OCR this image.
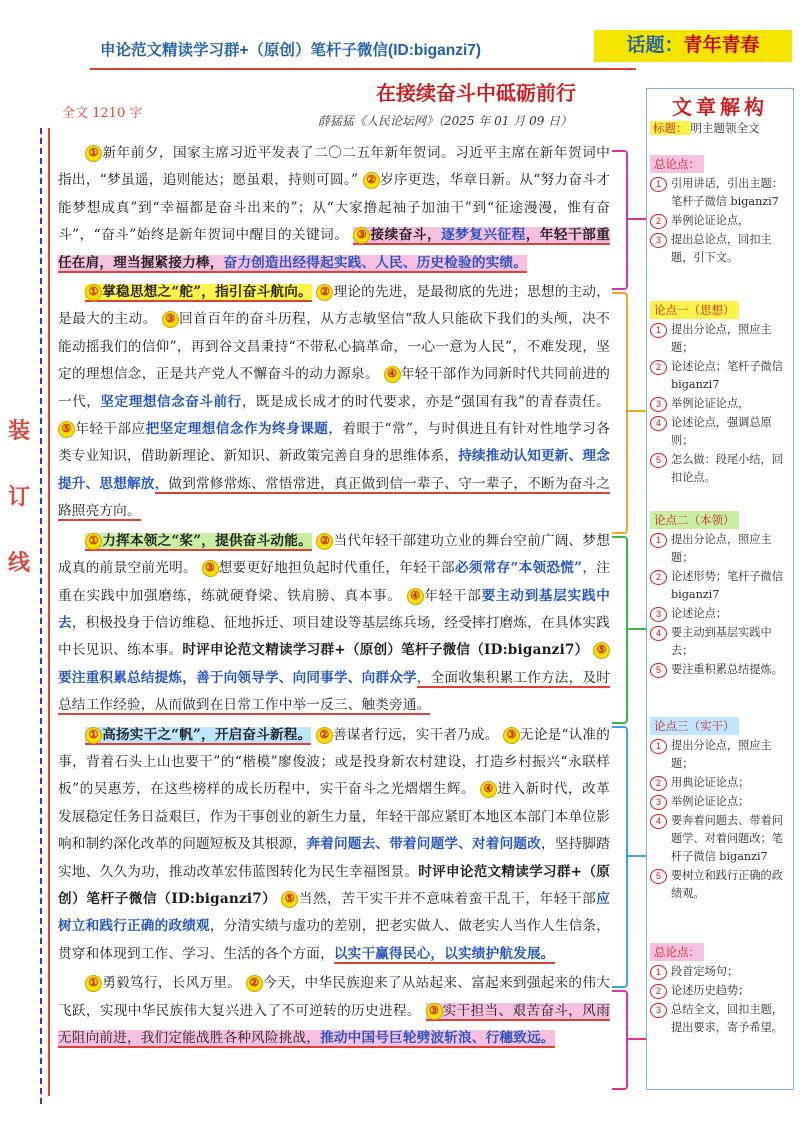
申论范文精读学习群+（原创）笔杆子微信(ID:biganzi7)	话题：青年青春
在接续奋斗中砥砺前行
全文 1210 字	薛猛猛《人民论坛网》（2025 年 01 月 09 日）
装
订
线

① 新年前夕，国家主席习近平发表了二〇二五年新年贺词。习近平主席在新年贺词中指出，“梦虽遥，追则能达；愿虽艰，持则可圆。” ② 岁序更迭，华章日新。从“努力奋斗才能梦想成真”到“幸福都是奋斗出来的”；从“大家撸起袖子加油干”到“征途漫漫，惟有奋斗”，“奋斗”始终是新年贺词中醒目的关键词。 ③ 接续奋斗，逐梦复兴征程，年轻干部重任在肩，理当握紧接力棒，奋力创造出经得起实践、人民、历史检验的实绩。

① 掌稳思想之“舵”，指引奋斗航向。 ② 理论的先进，是最彻底的先进；思想的主动，是最大的主动。 ③ 回首百年的奋斗历程，从方志敏坚信“敌人只能砍下我们的头颅，决不能动摇我们的信仰”，再到谷文昌秉持“不带私心搞革命，一心一意为人民”，不难发现，坚定的理想信念，正是共产党人不懈奋斗的动力源泉。 ④ 年轻干部作为同新时代共同前进的一代，坚定理想信念奋斗前行，既是成长成才的时代要求，亦是“强国有我”的青春责任。 ⑤ 年轻干部应把坚定理想信念作为终身课题，着眼于“常”，与时俱进且有针对性地学习各类专业知识，借助新理论、新知识、新政策完善自身的思维体系，持续推动认知更新、理念提升、思想解放，做到常修常炼、常悟常进，真正做到信一辈子、守一辈子，不断为奋斗之路照亮方向。

① 力挥本领之“桨”，提供奋斗动能。 ② 当代年轻干部建功立业的舞台空前广阔、梦想成真的前景空前光明。 ③ 想要更好地担负起时代重任，年轻干部必须常存“本领恐慌”，注重在实践中加强磨练，练就硬脊梁、铁肩膀、真本事。 ④ 年轻干部要主动到基层实践中去，积极投身于信访维稳、征地拆迁、项目建设等基层练兵场，经受摔打磨炼，在具体实践中长见识、练本事。时评申论范文精读学习群+（原创）笔杆子微信（ID:biganzi7） ⑤要注重积累总结提炼，善于向领导学、向同事学、向群众学，全面收集积累工作方法，及时总结工作经验，从而做到在日常工作中举一反三、触类旁通。

① 高扬实干之“帆”，开启奋斗新程。 ② 善谋者行远，实干者乃成。 ③ 无论是“认准的事，背着石头上山也要干”的“楷模”廖俊波；或是投身新农村建设，打造乡村振兴“永联样板”的吴惠芳，在这些榜样的成长历程中，实干奋斗之光熠熠生辉。 ④ 进入新时代，改革发展稳定任务日益艰巨，作为干事创业的新生力量，年轻干部应紧盯本地区本部门本单位影响和制约深化改革的问题短板及其根源，奔着问题去、带着问题学、对着问题改，坚持脚踏实地、久久为功，推动改革宏伟蓝图转化为民生幸福图景。时评申论范文精读学习群+（原创）笔杆子微信（ID:biganzi7） ⑤ 当然，苦干实干并不意味着蛮干乱干，年轻干部应树立和践行正确的政绩观，分清实绩与虚功的差别，把老实做人、做老实人当作人生信条，贯穿和体现到工作、学习、生活的各个方面，以实干赢得民心，以实绩护航发展。

① 勇毅笃行，长风万里。 ② 今天，中华民族迎来了从站起来、富起来到强起来的伟大飞跃，实现中华民族伟大复兴进入了不可逆转的历史进程。 ③ 实干担当、艰苦奋斗，风雨无阻向前进，我们定能战胜各种风险挑战，推动中国号巨轮劈波斩浪、行穗致远。

文章解构
标题： 明主题领全文
总论点：
1 引用讲话，引出主题：笔杆子微信 biganzi7
2 举例论证论点，
3 提出总论点，回扣主题，引下文。
论点一（思想）
1 提出分论点，照应主题；
2 论述论点；笔杆子微信 biganzi7
3 举例论证论点，
4 论述论点，强调总原则；
5 怎么做：段尾小结，回扣论点。
论点二（本领）
1 提出分论点，照应主题；
2 论述形势；笔杆子微信 biganzi7
3 论述论点；
4 要主动到基层实践中去；
5 要注重积累总结提炼。
论点三（实干）
1 提出分论点，照应主题；
2 用典论证论点；
3 举例论证论点；
4 要奔着问题去、带着问题学、对着问题改；笔杆子微信 biganzi7
5 要树立和践行正确的政绩观。
总论点：
1 段首定场句；
2 论述历史趋势；
3 总结全文，回扣主题，提出要求，寄予希望。
